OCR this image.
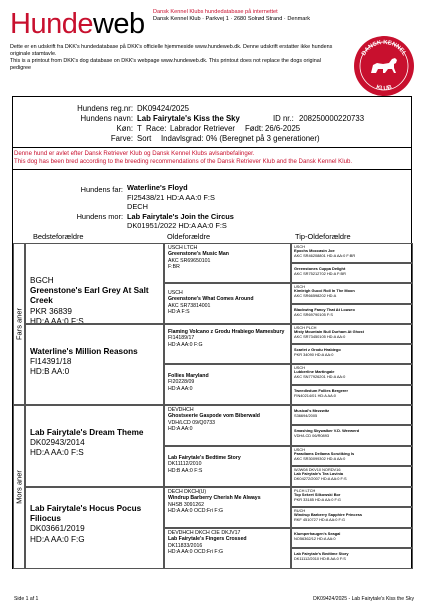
Hundeweb Dansk Kennel Klubs hundedatabase på internettet
Dansk Kennel Klub · Parkvej 1 · 2680 Solrød Strand · Denmark
Dette er en udskrift fra DKK's hundedatabase på DKK's officielle hjemmeside www.hundeweb.dk. Denne udskrift erstatter ikke hundens originale stamtavle.
This is a printout from DKK's dog database on DKK's webpage www.hundeweb.dk. This printout does not replace the dogs original pedigree
DANSK KENNEL
KLUB
Hundens reg.nr: DK09424/2025
Hundens navn: Lab Fairytale's Kiss the Sky	ID nr.: 208250000220733
Køn: T Race: Labrador Retriever Født: 26/6-2025
Farve: Sort Indavlsgrad: 0% (Beregnet på 3 generationer)
Denne hund er avlet efter Dansk Retriever Klub og Dansk Kennel Klubs avlsanbefalinger.
This dog has been bred according to the breeding recommendations of the Dansk Retriever Klub and the Dansk Kennel Klub.
Hundens far: Waterline's Floyd
FI25438/21 HD:A AA:0 F:S
Hundens mor:
DECH
Lab Fairytale's Join the Circus
DK01951/2022 HD:A AA:0 F:S
Bedsteforældre	Oldeforældre	Tip-Oldeforældre
Fars aner
Mors aner
BGCH
Greenstone's Earl Grey At Salt Creek
PKR 36839
HD:A AA:0 F:S
Waterline's Million Reasons
FI14391/18
HD:B AA:0
Lab Fairytale's Dream Theme
DK02943/2014
HD:A AA:0 F:S
Lab Fairytale's Hocus Pocus Filiocus
DK03661/2019
HD:A AA:0 F:G
USCH LTCH
Greenstone's Music Man
AKC SR69650101
F:BR
USCH
Greenstone's What Comes Around
AKC SR73814001
HD:A F:S
Flaming Volcano z Grodu Hrabiego Mamesbury
FI14189/17
HD:A AA:0 F:G
Follies Maryland
FI20228/09
HD:A AA:0
DEVDHCH
Ghostseerie Gaspode vom Biberwald
VDH/LCD 09/Q0733
HD:A AA:0
Lab Fairytale's Bedtime Story
DK11112/2010
HD:B AA:0 F:S
DECH DKCH(U)
Windrup Barberry Cherish Me Always
NHSB 3091262
HD:A AA:0 OCD:Fri F:G
DEVDHCH DKCH CIE DKJV17
Lab Fairytale's Fingers Crossed
DK11833/2016
HD:A AA:0 OCD:Fri F:G
USCH
Epochs Moccasin Joe
AKC SR46208801 HD:A AA:0 F:BR
Greenstones Cuppa Delight
AKC SR75212702 HD:A F:BR
USCH
Kimleigh Gucci Roll In The Moon
AKC SR66598202 HD:A
Blackwing Fancy That At Louseo
AKC SR69790105 F:S
USCH PLCH
Misty Mountain Bull Durham At Ghost
AKC SR73450105 HD:A AA:0
Scarlet z Grodu Hrabiego
PKR 34090 HD:A AA:0
USCH
Lubberline Martingale
AKC SN77926201 HD:A AA:0
Tweedledum Follies Bergerer
FIN40214/01 HD:A AA:0
Musical's Mezzwitz
S36694/2005
Smashing Skywalker V.D. Weewerd
VDH/LCD 06/R0893
USCH
Paradiams Dellama Scrutiking Is
AKC SR30099302 HD:A AA:0
WJW08 DKV10 NORDV16
Lab Fairytale's Tea Lavinia
DK04272/2007 HD:A AA:0 F:S
PLCH LTCH
Top Sekret Silkowski Bor
PKR 33185 HD:A AA:0 F:G
RUCH
Windrup Barberry Sapphire Princess
RKF 4510727 HD:A AA:0 F:G
Klumperhaugen's Seagal
NO56362/12 HD:A AA:0
Lab Fairytale's Bedtime Story
DK11112/2010 HD:B AA:0 F:S
Side 1 af 1	DK09424/2025 - Lab Fairytale's Kiss the Sky
